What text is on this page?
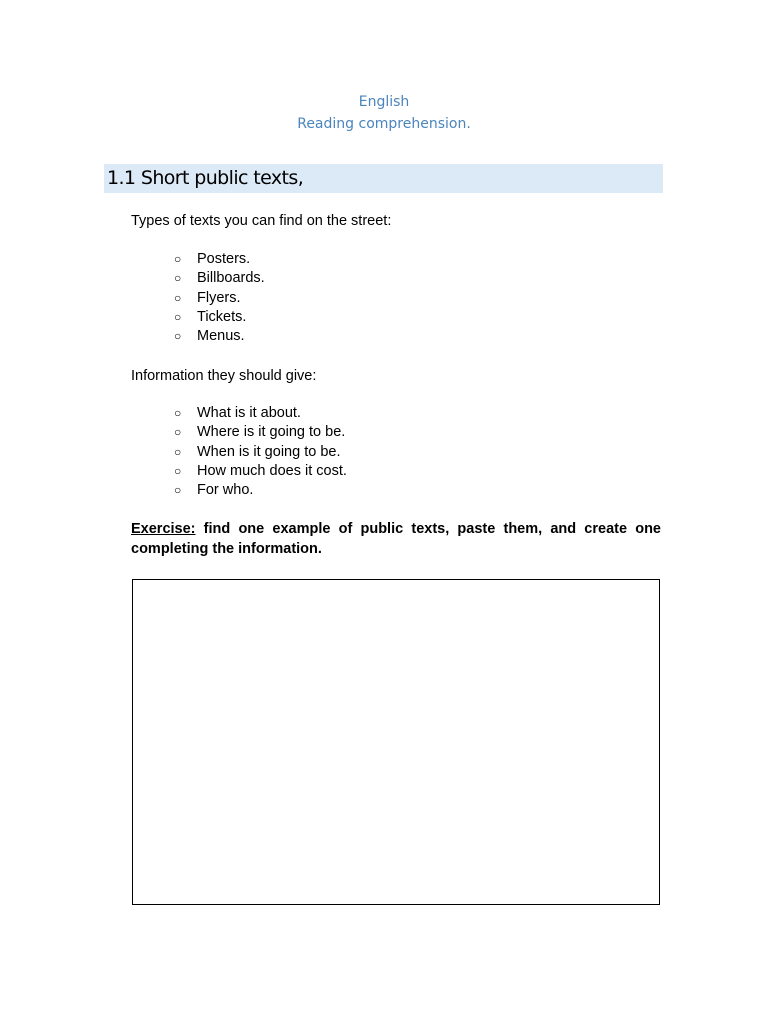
English
Reading comprehension.
1.1 Short public texts,

Types of texts you can find on the street:

○ Posters.
○ Billboards.
○ Flyers.
○ Tickets.
○ Menus.

Information they should give:

○ What is it about.
○ Where is it going to be.
○ When is it going to be.
○ How much does it cost.
○ For who.

Exercise: find one example of public texts, paste them, and create one completing the information.
